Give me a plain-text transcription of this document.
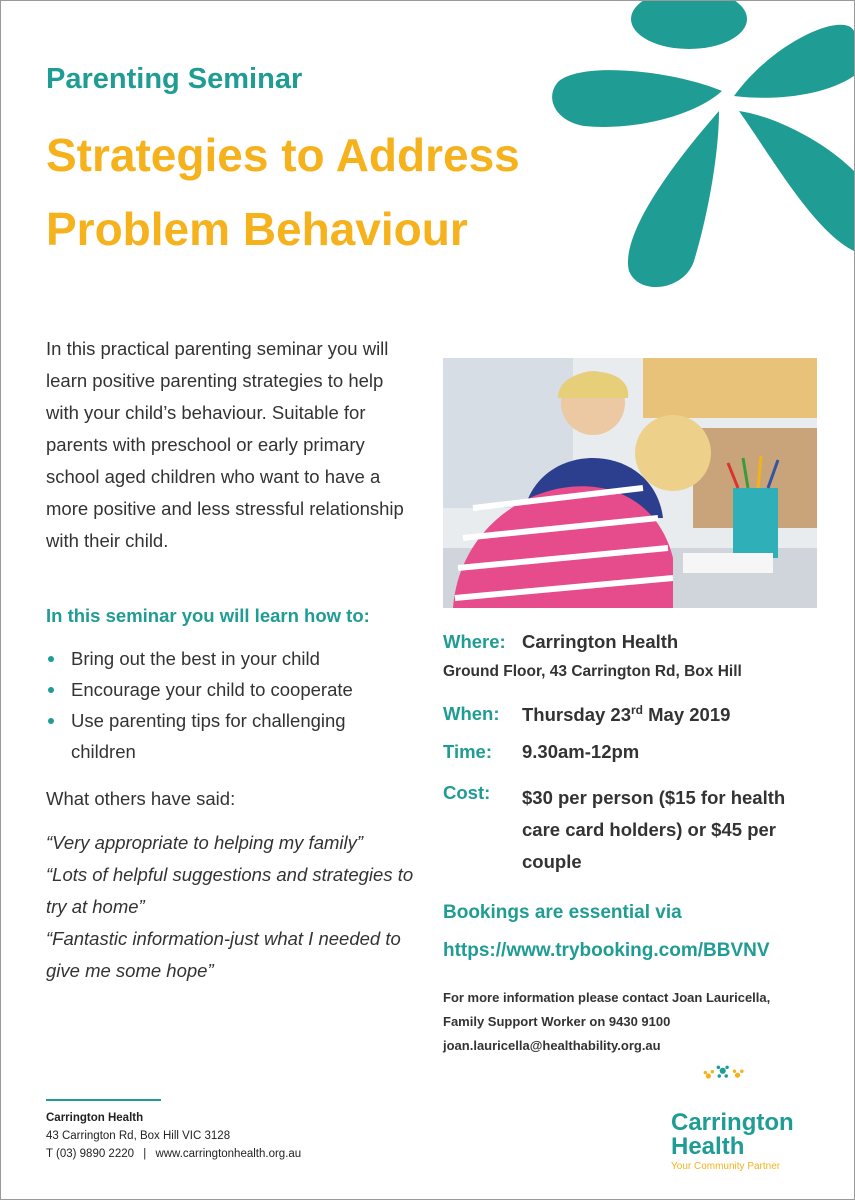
Parenting Seminar
Strategies to Address
Problem Behaviour
In this practical parenting seminar you will learn positive parenting strategies to help with your child’s behaviour. Suitable for parents with preschool or early primary school aged children who want to have a more positive and less stressful relationship with their child.
In this seminar you will learn how to:
Bring out the best in your child
Encourage your child to cooperate
Use parenting tips for challenging children
What others have said:

“Very appropriate to helping my family”

“Lots of helpful suggestions and strategies to try at home”

“Fantastic information-just what I needed to give me some hope”

Where: Carrington Health
Ground Floor, 43 Carrington Rd, Box Hill
When: Thursday 23rd May 2019
Time: 9.30am-12pm
Cost: $30 per person ($15 for health
care card holders) or $45 per
couple
Bookings are essential via
https://www.trybooking.com/BBVNV
For more information please contact Joan Lauricella,
Family Support Worker on 9430 9100
joan.lauricella@healthability.org.au
Carrington Health
43 Carrington Rd, Box Hill VIC 3128
T (03) 9890 2220 | www.carringtonhealth.org.au
Carrington
Health
Your Community Partner
